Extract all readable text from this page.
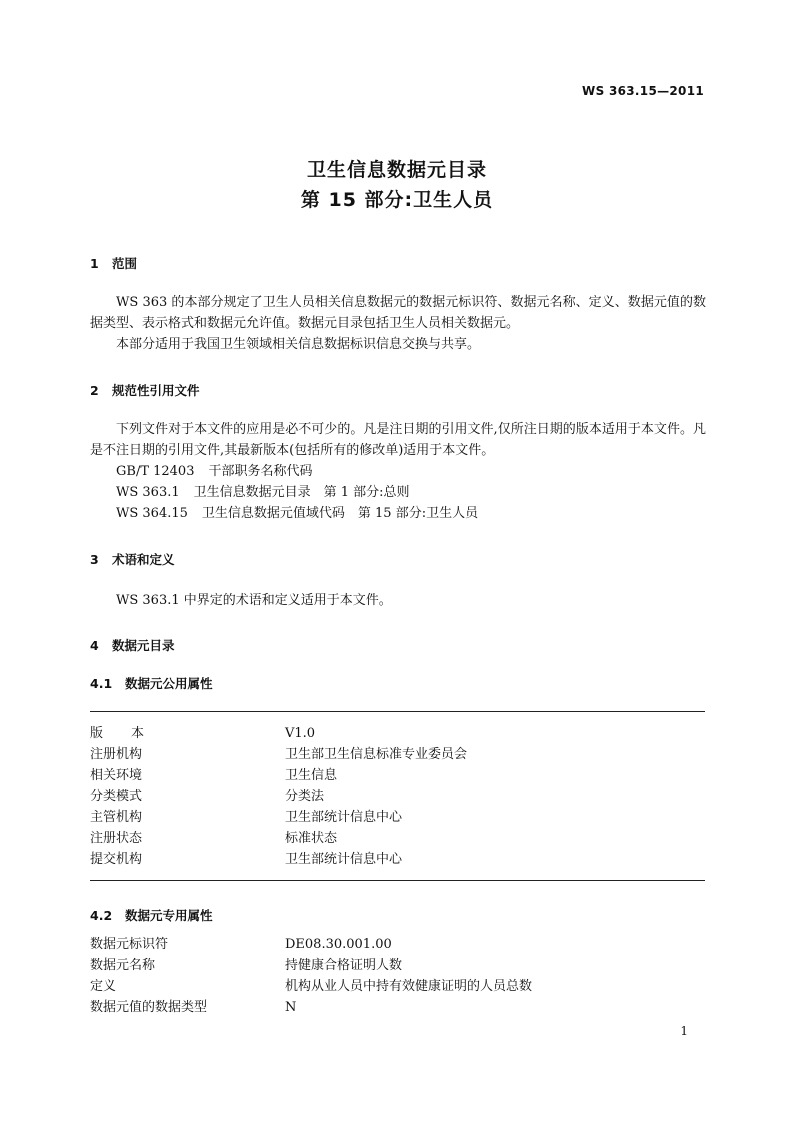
WS 363.15—2011
卫生信息数据元目录
第 15 部分:卫生人员
1 范围

WS 363 的本部分规定了卫生人员相关信息数据元的数据元标识符、数据元名称、定义、数据元值的数据类型、表示格式和数据元允许值。数据元目录包括卫生人员相关数据元。

本部分适用于我国卫生领域相关信息数据标识信息交换与共享。

2 规范性引用文件

下列文件对于本文件的应用是必不可少的。凡是注日期的引用文件,仅所注日期的版本适用于本文件。凡是不注日期的引用文件,其最新版本(包括所有的修改单)适用于本文件。

GB/T 12403 干部职务名称代码
WS 363.1 卫生信息数据元目录　第 1 部分:总则
WS 364.15 卫生信息数据元值域代码　第 15 部分:卫生人员
3 术语和定义

WS 363.1 中界定的术语和定义适用于本文件。

4 数据元目录
4.1 数据元公用属性
版本	V1.0
注册机构	卫生部卫生信息标准专业委员会
相关环境	卫生信息
分类模式	分类法
主管机构	卫生部统计信息中心
注册状态	标准状态
提交机构	卫生部统计信息中心
4.2 数据元专用属性
数据元标识符	DE08.30.001.00
数据元名称	持健康合格证明人数
定义	机构从业人员中持有效健康证明的人员总数
数据元值的数据类型	N
1
